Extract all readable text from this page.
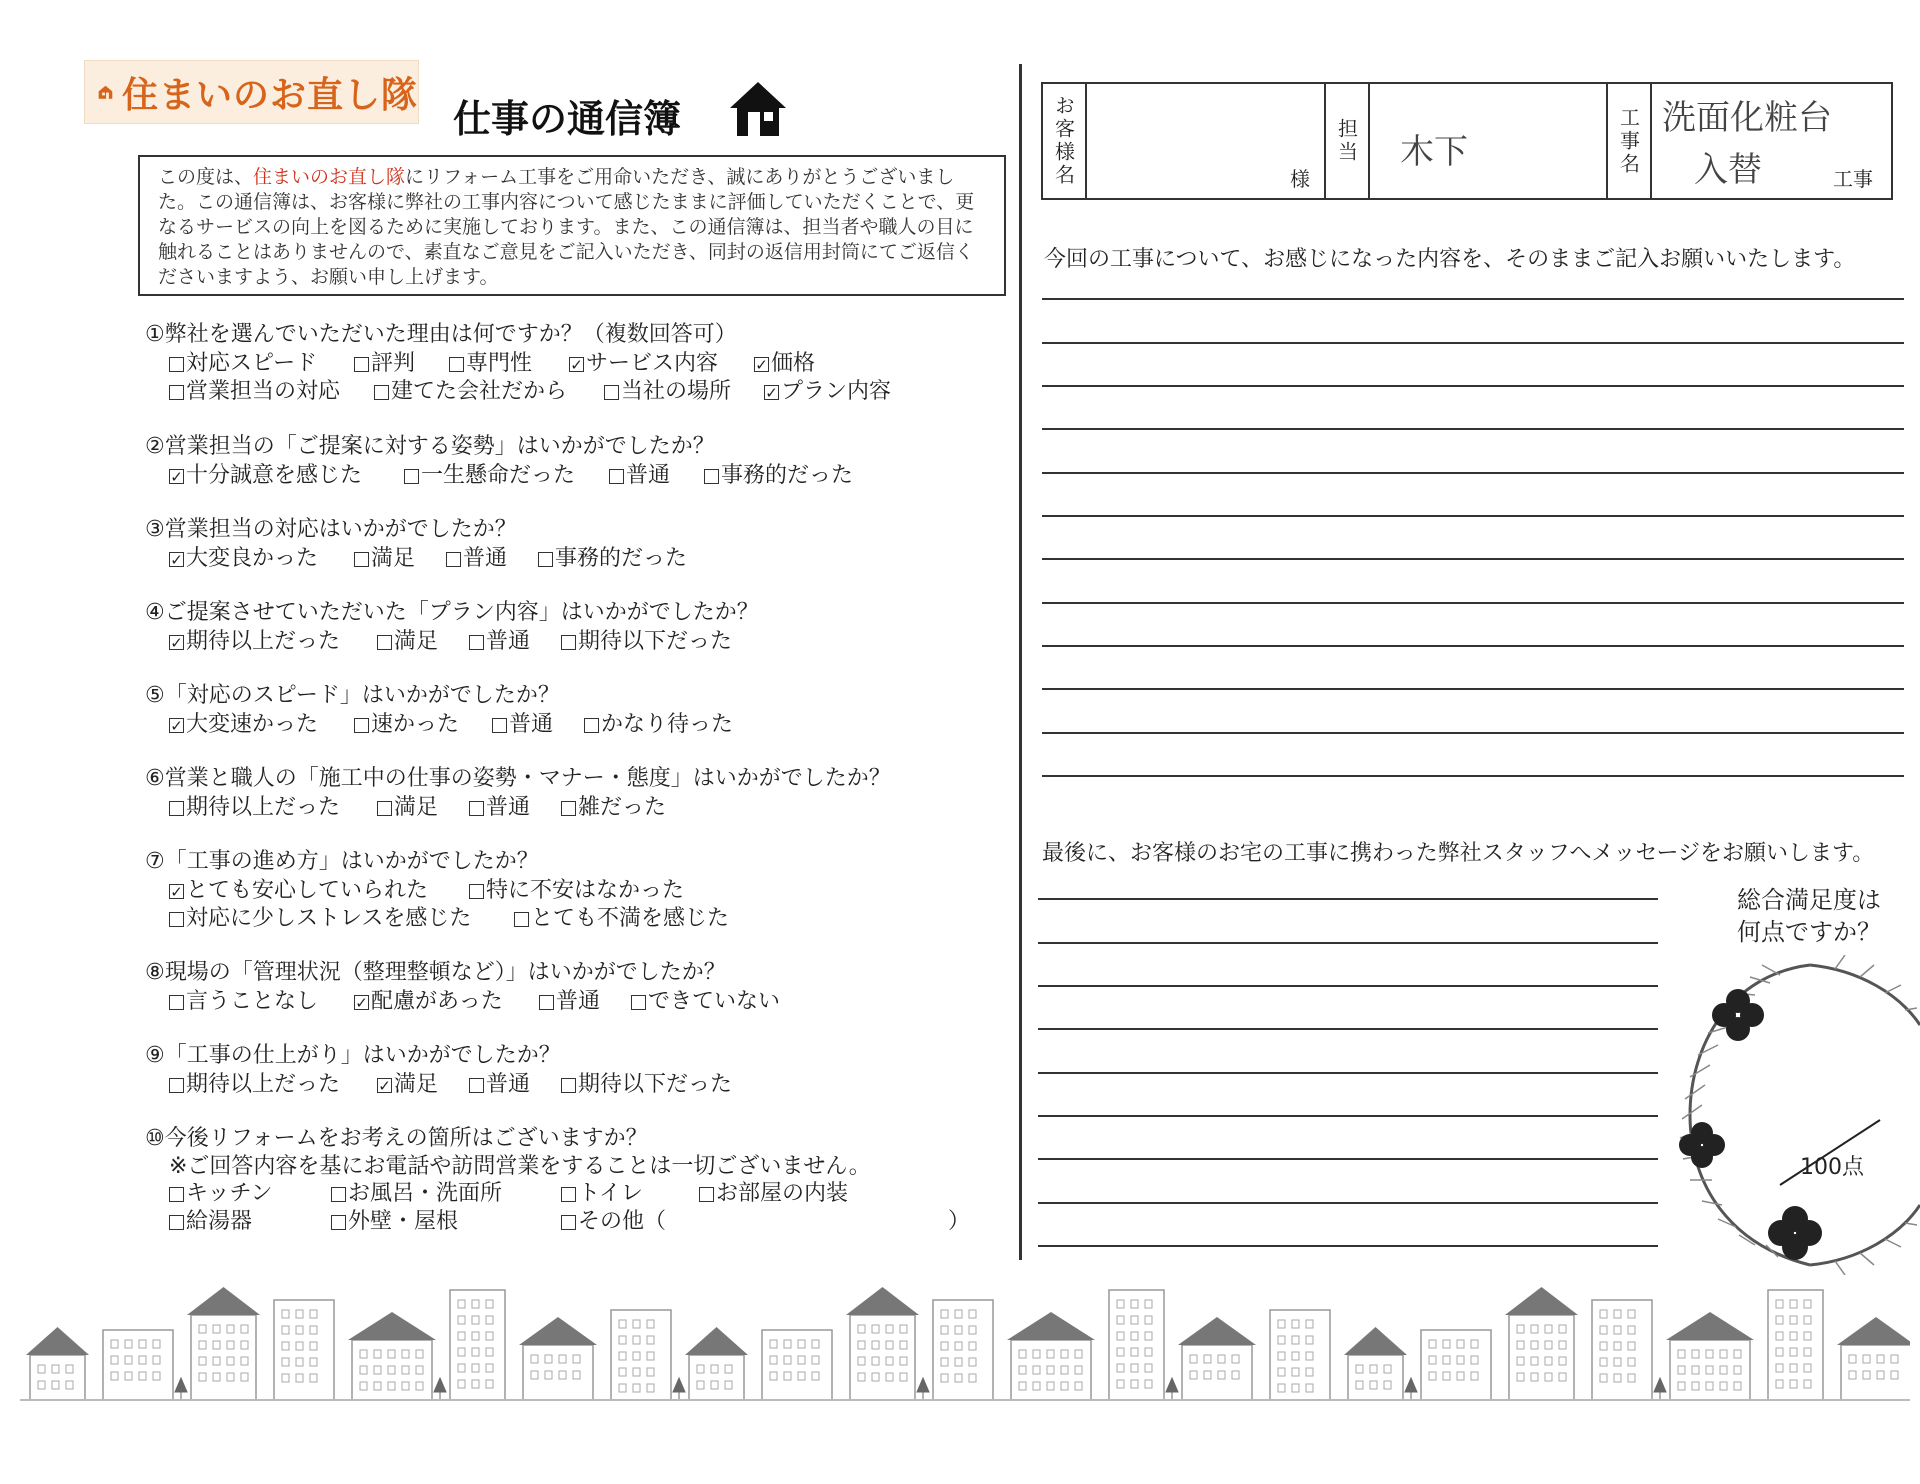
住まいのお直し隊
仕事の通信簿
この度は、住まいのお直し隊にリフォーム工事をご用命いただき、誠にありがとうございました。この通信簿は、お客様に弊社の工事内容について感じたままに評価していただくことで、更なるサービスの向上を図るために実施しております。また、この通信簿は、担当者や職人の目に触れることはありませんので、素直なご意見をご記入いただき、同封の返信用封筒にてご返信くださいますよう、お願い申し上げます。
①弊社を選んでいただいた理由は何ですか？（複数回答可）
対応スピード 評判 専門性	✓ サービス内容 ✓ 価格
営業担当の対応 建てた会社だから 当社の場所 ✓ プラン内容
②営業担当の「ご提案に対する姿勢」はいかがでしたか？
✓ 十分誠意を感じた	一生懸命だった 普通 事務的だった
③営業担当の対応はいかがでしたか？
✓ 大変良かった 満足 普通 事務的だった
④ご提案させていただいた「プラン内容」はいかがでしたか？
✓ 期待以上だった 満足 普通 期待以下だった
⑤「対応のスピード」はいかがでしたか？
✓ 大変速かった 速かった 普通 かなり待った
⑥営業と職人の「施工中の仕事の姿勢・マナー・態度」はいかがでしたか？
期待以上だった 満足 普通 雑だった
⑦「工事の進め方」はいかがでしたか？
✓ とても安心していられた	特に不安はなかった
対応に少しストレスを感じた	とても不満を感じた
⑧現場の「管理状況（整理整頓など）」はいかがでしたか？
言うことなし ✓ 配慮があった 普通 できていない
⑨「工事の仕上がり」はいかがでしたか？
期待以上だった	✓ 満足 普通 期待以下だった
⑩今後リフォームをお考えの箇所はございますか？
※ご回答内容を基にお電話や訪問営業をすることは一切ございません。
キッチン	お風呂・洗面所	トイレ	お部屋の内装
給湯器	外壁・屋根	その他（	）
お客様名	様
担当	木下	工事名 洗面化粧台
入替	工事
今回の工事について、お感じになった内容を、そのままご記入お願いいたします。
最後に、お客様のお宅の工事に携わった弊社スタッフへメッセージをお願いします。
総合満足度は
何点ですか？
100点
